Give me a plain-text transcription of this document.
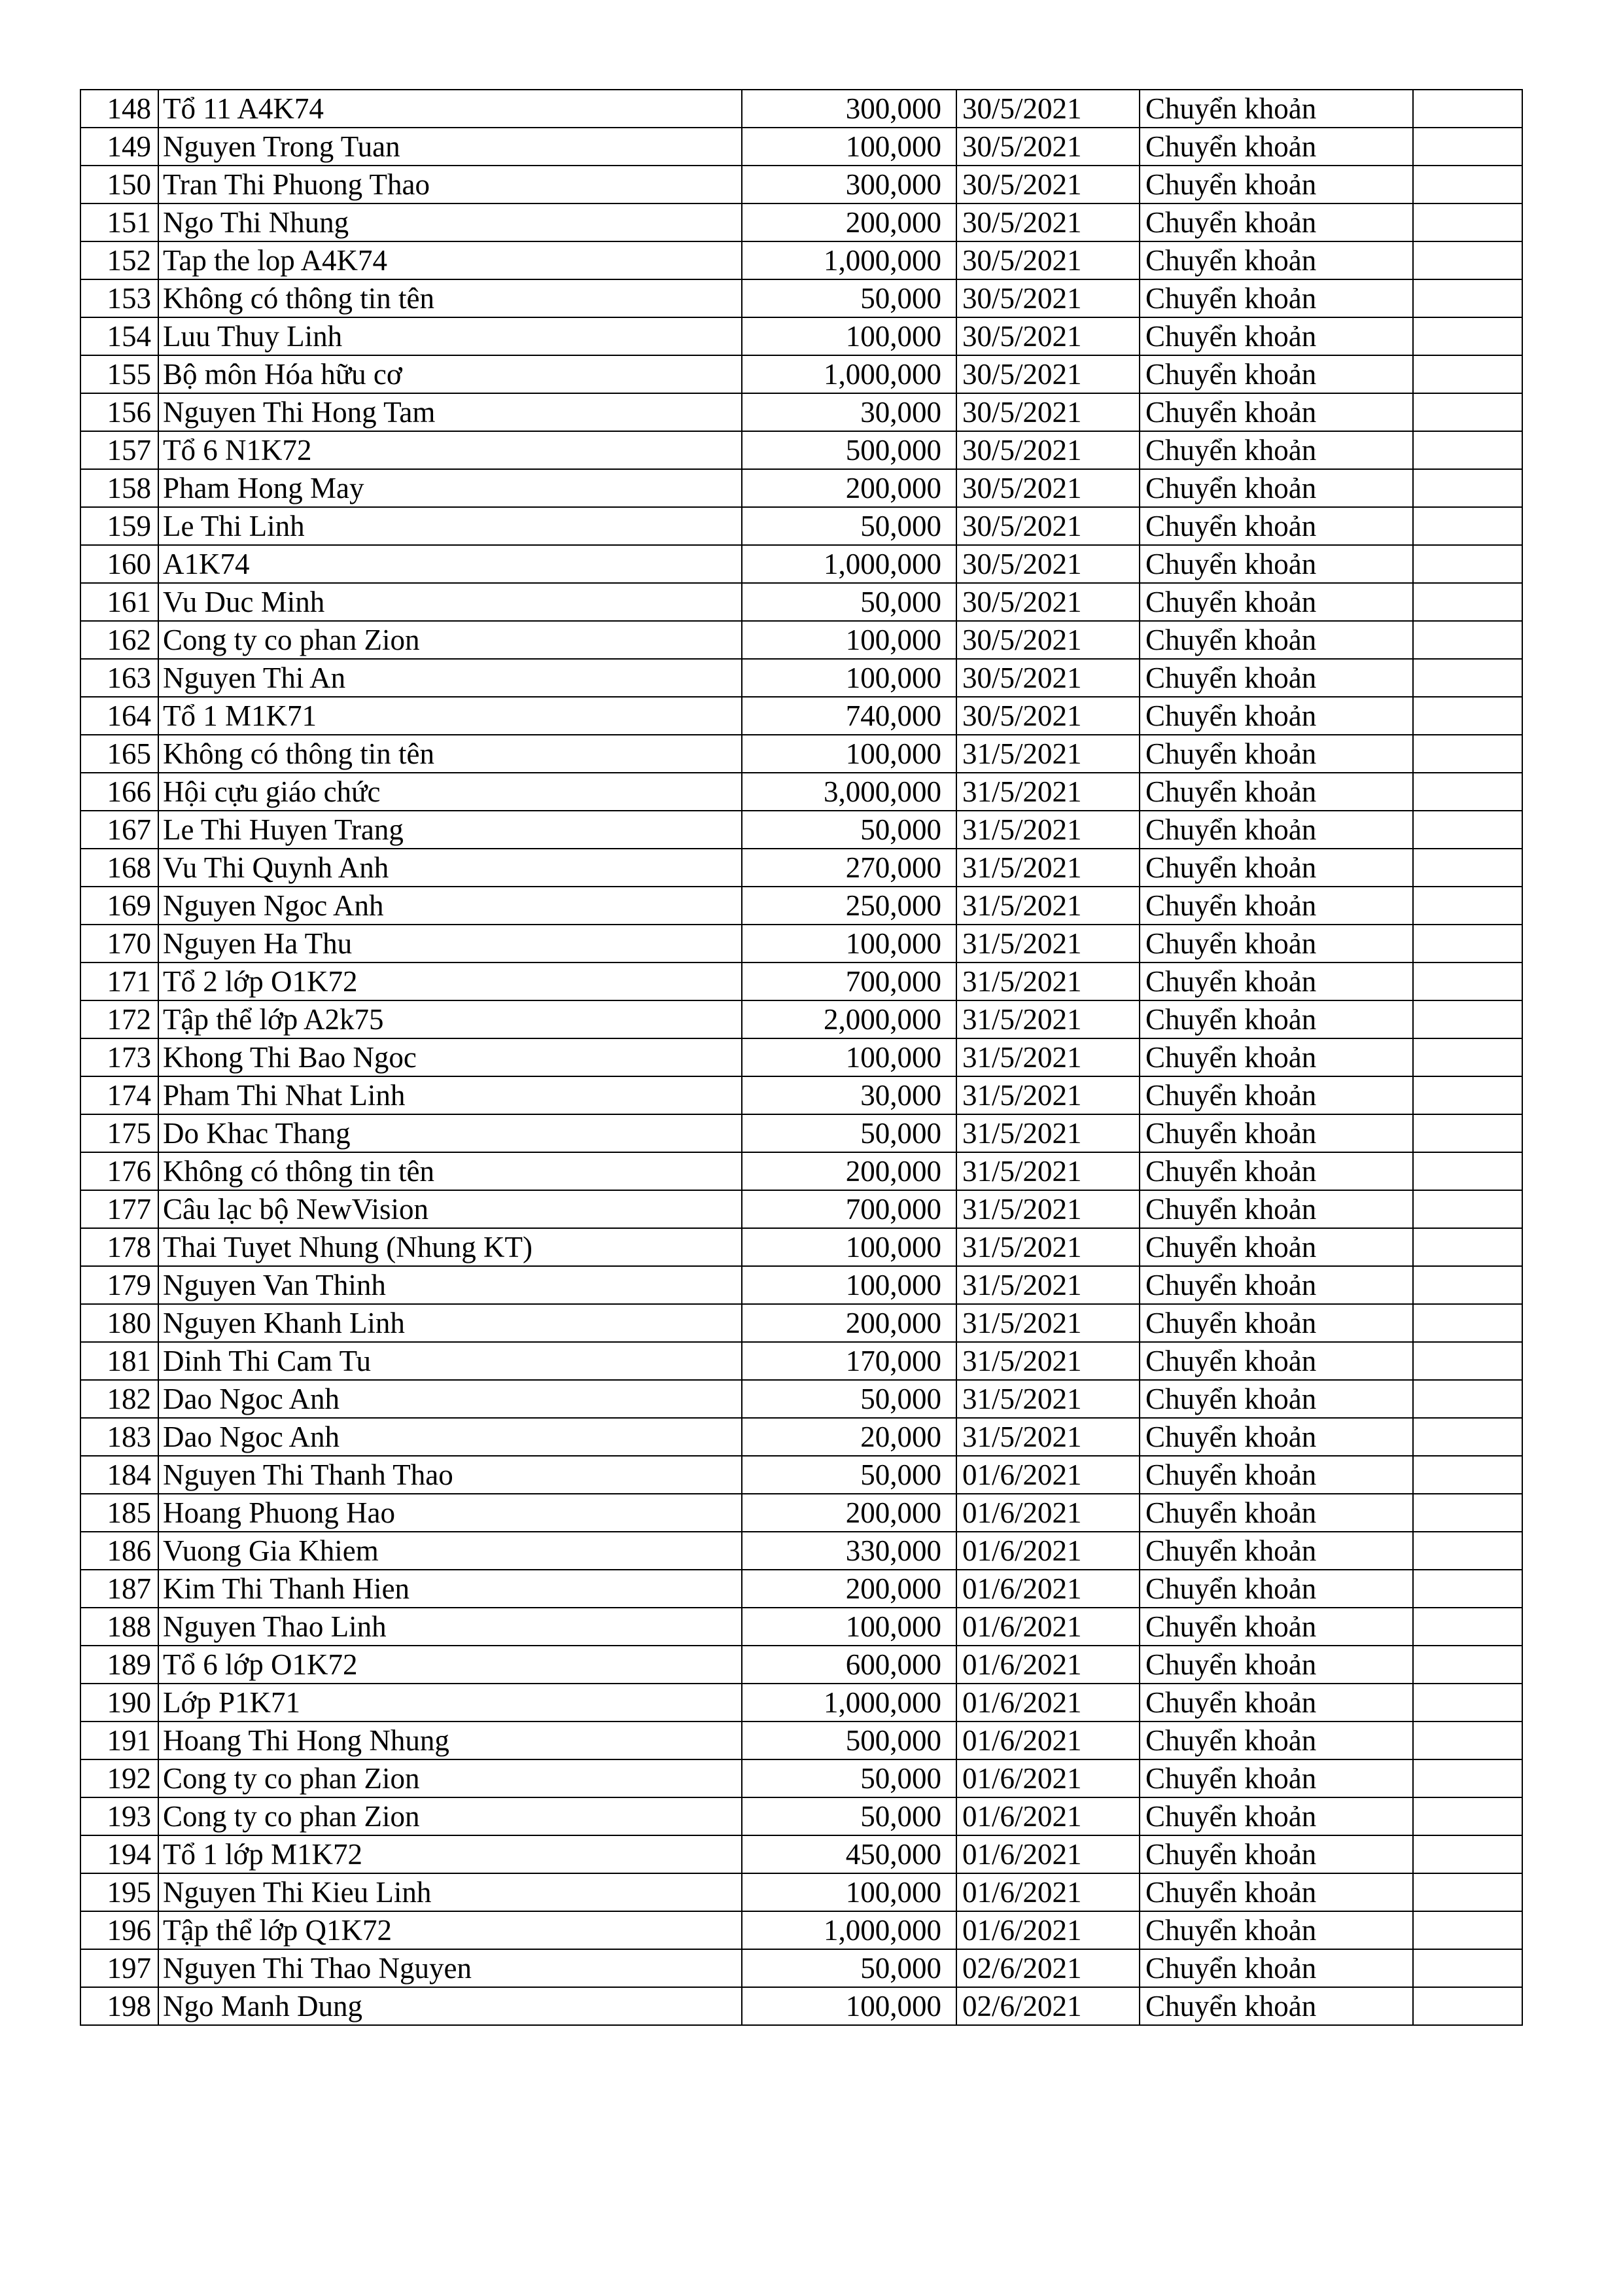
148	Tổ 11 A4K74	300,000	30/5/2021	Chuyển khoản	
149	Nguyen Trong Tuan	100,000	30/5/2021	Chuyển khoản	
150	Tran Thi Phuong Thao	300,000	30/5/2021	Chuyển khoản	
151	Ngo Thi Nhung	200,000	30/5/2021	Chuyển khoản	
152	Tap the lop A4K74	1,000,000	30/5/2021	Chuyển khoản	
153	Không có thông tin tên	50,000	30/5/2021	Chuyển khoản	
154	Luu Thuy Linh	100,000	30/5/2021	Chuyển khoản	
155	Bộ môn Hóa hữu cơ	1,000,000	30/5/2021	Chuyển khoản	
156	Nguyen Thi Hong Tam	30,000	30/5/2021	Chuyển khoản	
157	Tổ 6 N1K72	500,000	30/5/2021	Chuyển khoản	
158	Pham Hong May	200,000	30/5/2021	Chuyển khoản	
159	Le Thi Linh	50,000	30/5/2021	Chuyển khoản	
160	A1K74	1,000,000	30/5/2021	Chuyển khoản	
161	Vu Duc Minh	50,000	30/5/2021	Chuyển khoản	
162	Cong ty co phan Zion	100,000	30/5/2021	Chuyển khoản	
163	Nguyen Thi An	100,000	30/5/2021	Chuyển khoản	
164	Tổ 1 M1K71	740,000	30/5/2021	Chuyển khoản	
165	Không có thông tin tên	100,000	31/5/2021	Chuyển khoản	
166	Hội cựu giáo chức	3,000,000	31/5/2021	Chuyển khoản	
167	Le Thi Huyen Trang	50,000	31/5/2021	Chuyển khoản	
168	Vu Thi Quynh Anh	270,000	31/5/2021	Chuyển khoản	
169	Nguyen Ngoc Anh	250,000	31/5/2021	Chuyển khoản	
170	Nguyen Ha Thu	100,000	31/5/2021	Chuyển khoản	
171	Tổ 2 lớp O1K72	700,000	31/5/2021	Chuyển khoản	
172	Tập thể lớp A2k75	2,000,000	31/5/2021	Chuyển khoản	
173	Khong Thi Bao Ngoc	100,000	31/5/2021	Chuyển khoản	
174	Pham Thi Nhat Linh	30,000	31/5/2021	Chuyển khoản	
175	Do Khac Thang	50,000	31/5/2021	Chuyển khoản	
176	Không có thông tin tên	200,000	31/5/2021	Chuyển khoản	
177	Câu lạc bộ NewVision	700,000	31/5/2021	Chuyển khoản	
178	Thai Tuyet Nhung (Nhung KT)	100,000	31/5/2021	Chuyển khoản	
179	Nguyen Van Thinh	100,000	31/5/2021	Chuyển khoản	
180	Nguyen Khanh Linh	200,000	31/5/2021	Chuyển khoản	
181	Dinh Thi Cam Tu	170,000	31/5/2021	Chuyển khoản	
182	Dao Ngoc Anh	50,000	31/5/2021	Chuyển khoản	
183	Dao Ngoc Anh	20,000	31/5/2021	Chuyển khoản	
184	Nguyen Thi Thanh Thao	50,000	01/6/2021	Chuyển khoản	
185	Hoang Phuong Hao	200,000	01/6/2021	Chuyển khoản	
186	Vuong Gia Khiem	330,000	01/6/2021	Chuyển khoản	
187	Kim Thi Thanh Hien	200,000	01/6/2021	Chuyển khoản	
188	Nguyen Thao Linh	100,000	01/6/2021	Chuyển khoản	
189	Tổ 6 lớp O1K72	600,000	01/6/2021	Chuyển khoản	
190	Lớp P1K71	1,000,000	01/6/2021	Chuyển khoản	
191	Hoang Thi Hong Nhung	500,000	01/6/2021	Chuyển khoản	
192	Cong ty co phan Zion	50,000	01/6/2021	Chuyển khoản	
193	Cong ty co phan Zion	50,000	01/6/2021	Chuyển khoản	
194	Tổ 1 lớp M1K72	450,000	01/6/2021	Chuyển khoản	
195	Nguyen Thi Kieu Linh	100,000	01/6/2021	Chuyển khoản	
196	Tập thể lớp Q1K72	1,000,000	01/6/2021	Chuyển khoản	
197	Nguyen Thi Thao Nguyen	50,000	02/6/2021	Chuyển khoản	
198	Ngo Manh Dung	100,000	02/6/2021	Chuyển khoản	
